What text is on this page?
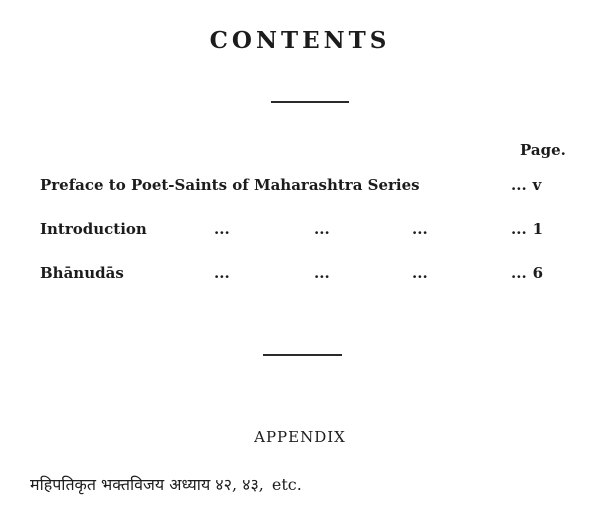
CONTENTS
Page.
Preface to Poet-Saints of Maharashtra Series	... v
Introduction	...	...	...	... 1
Bhānudās	...	...	...	... 6
APPENDIX
महिपतिकृत भक्तविजय अध्याय ४२, ४३, etc.
